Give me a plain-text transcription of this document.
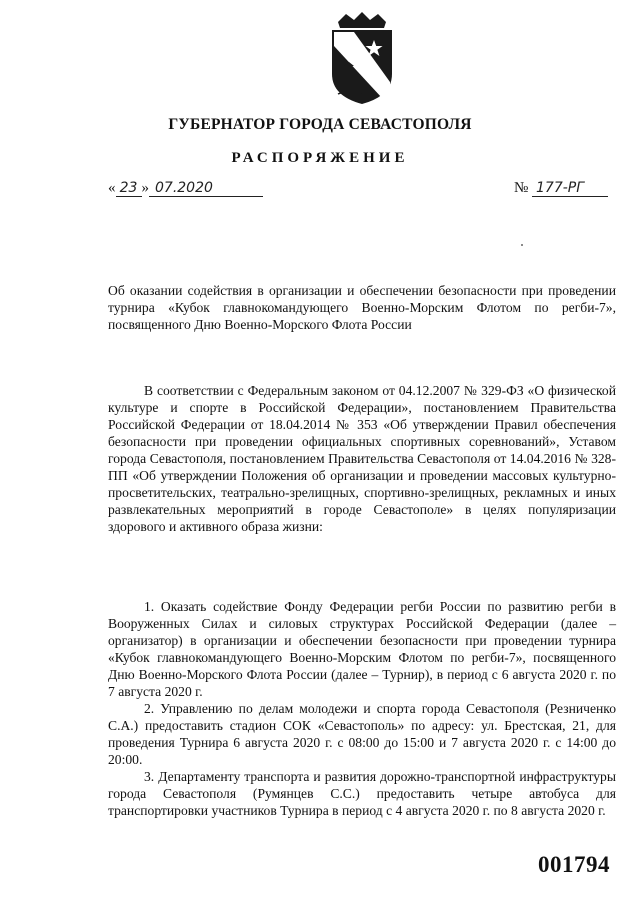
ГУБЕРНАТОР ГОРОДА СЕВАСТОПОЛЯ
РАСПОРЯЖЕНИЕ
« 23 » 07.2020	№ 177-РГ

Об оказании содействия в организации и обеспечении безопасности при проведении турнира «Кубок главнокомандующего Военно-Морским Флотом по регби-7», посвященного Дню Военно-Морского Флота России

В соответствии с Федеральным законом от 04.12.2007 № 329-ФЗ «О физической культуре и спорте в Российской Федерации», постановлением Правительства Российской Федерации от 18.04.2014 № 353 «Об утверждении Правил обеспечения безопасности при проведении официальных спортивных соревнований», Уставом города Севастополя, постановлением Правительства Севастополя от 14.04.2016 № 328-ПП «Об утверждении Положения об организации и проведении массовых культурно-просветительских, театрально-зрелищных, спортивно-зрелищных, рекламных и иных развлекательных мероприятий в городе Севастополе» в целях популяризации здорового и активного образа жизни:

1. Оказать содействие Фонду Федерации регби России по развитию регби в Вооруженных Силах и силовых структурах Российской Федерации (далее – организатор) в организации и обеспечении безопасности при проведении турнира «Кубок главнокомандующего Военно-Морским Флотом по регби-7», посвященного Дню Военно-Морского Флота России (далее – Турнир), в период с 6 августа 2020 г. по 7 августа 2020 г.

2. Управлению по делам молодежи и спорта города Севастополя (Резниченко С.А.) предоставить стадион СОК «Севастополь» по адресу: ул. Брестская, 21, для проведения Турнира 6 августа 2020 г. с 08:00 до 15:00 и 7 августа 2020 г. с 14:00 до 20:00.

3. Департаменту транспорта и развития дорожно-транспортной инфраструктуры города Севастополя (Румянцев С.С.) предоставить четыре автобуса для транспортировки участников Турнира в период с 4 августа 2020 г. по 8 августа 2020 г.

001794
